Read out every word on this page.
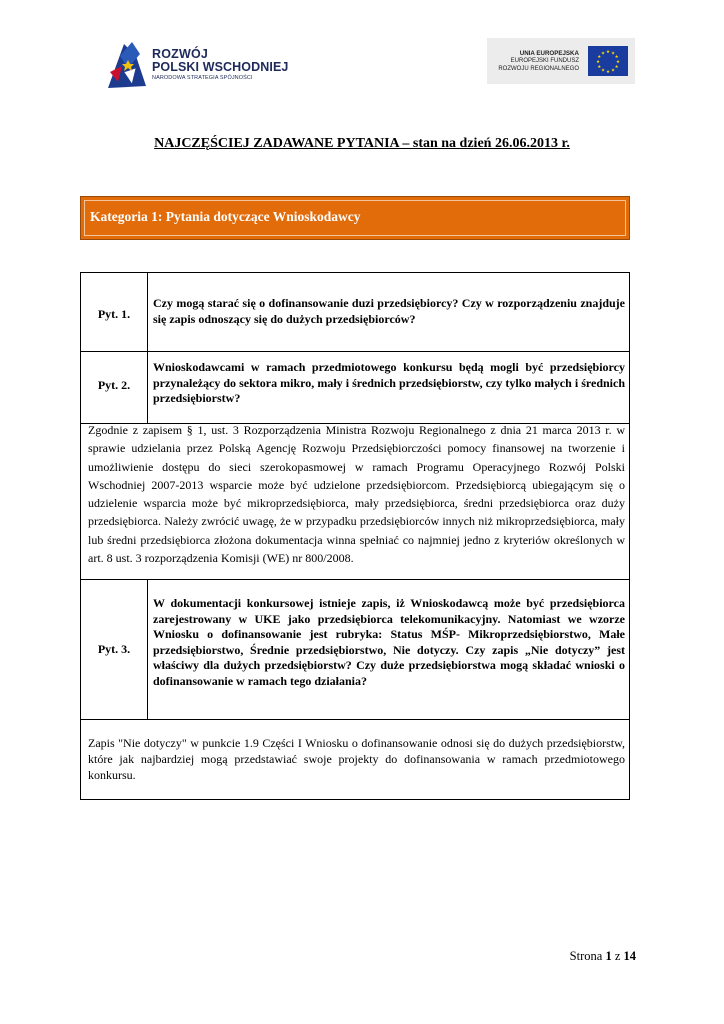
ROZWÓJ
POLSKI WSCHODNIEJ
NARODOWA STRATEGIA SPÓJNOŚCI
UNIA EUROPEJSKA
EUROPEJSKI FUNDUSZ
ROZWOJU REGIONALNEGO
★ ★
★
★
★
★
★
★
★
★
★
★
NAJCZĘŚCIEJ ZADAWANE PYTANIA – stan na dzień 26.06.2013 r.
Kategoria 1: Pytania dotyczące Wnioskodawcy
Pyt. 1.
Czy mogą starać się o dofinansowanie duzi przedsiębiorcy? Czy w rozporządzeniu znajduje się zapis odnoszący się do dużych przedsiębiorców?
Pyt. 2.
Wnioskodawcami w ramach przedmiotowego konkursu będą mogli być przedsiębiorcy przynależący do sektora mikro, mały i średnich przedsiębiorstw, czy tylko małych i średnich przedsiębiorstw?
Zgodnie z zapisem § 1, ust. 3 Rozporządzenia Ministra Rozwoju Regionalnego z dnia 21 marca 2013 r. w sprawie udzielania przez Polską Agencję Rozwoju Przedsiębiorczości pomocy finansowej na tworzenie i umożliwienie dostępu do sieci szerokopasmowej w ramach Programu Operacyjnego Rozwój Polski Wschodniej 2007-2013 wsparcie może być udzielone przedsiębiorcom. Przedsiębiorcą ubiegającym się o udzielenie wsparcia może być mikroprzedsiębiorca, mały przedsiębiorca, średni przedsiębiorca oraz duży przedsiębiorca. Należy zwrócić uwagę, że w przypadku przedsiębiorców innych niż mikroprzedsiębiorca, mały lub średni przedsiębiorca złożona dokumentacja winna spełniać co najmniej jedno z kryteriów określonych w art. 8 ust. 3 rozporządzenia Komisji (WE) nr 800/2008.
Pyt. 3.
W dokumentacji konkursowej istnieje zapis, iż Wnioskodawcą może być przedsiębiorca zarejestrowany w UKE jako przedsiębiorca telekomunikacyjny. Natomiast we wzorze Wniosku o dofinansowanie jest rubryka: Status MŚP- Mikroprzedsiębiorstwo, Małe przedsiębiorstwo, Średnie przedsiębiorstwo, Nie dotyczy. Czy zapis „Nie dotyczy” jest właściwy dla dużych przedsiębiorstw? Czy duże przedsiębiorstwa mogą składać wnioski o dofinansowanie w ramach tego działania?
Zapis "Nie dotyczy" w punkcie 1.9 Części I Wniosku o dofinansowanie odnosi się do dużych przedsiębiorstw, które jak najbardziej mogą przedstawiać swoje projekty do dofinansowania w ramach przedmiotowego konkursu.
Strona 1 z 14
